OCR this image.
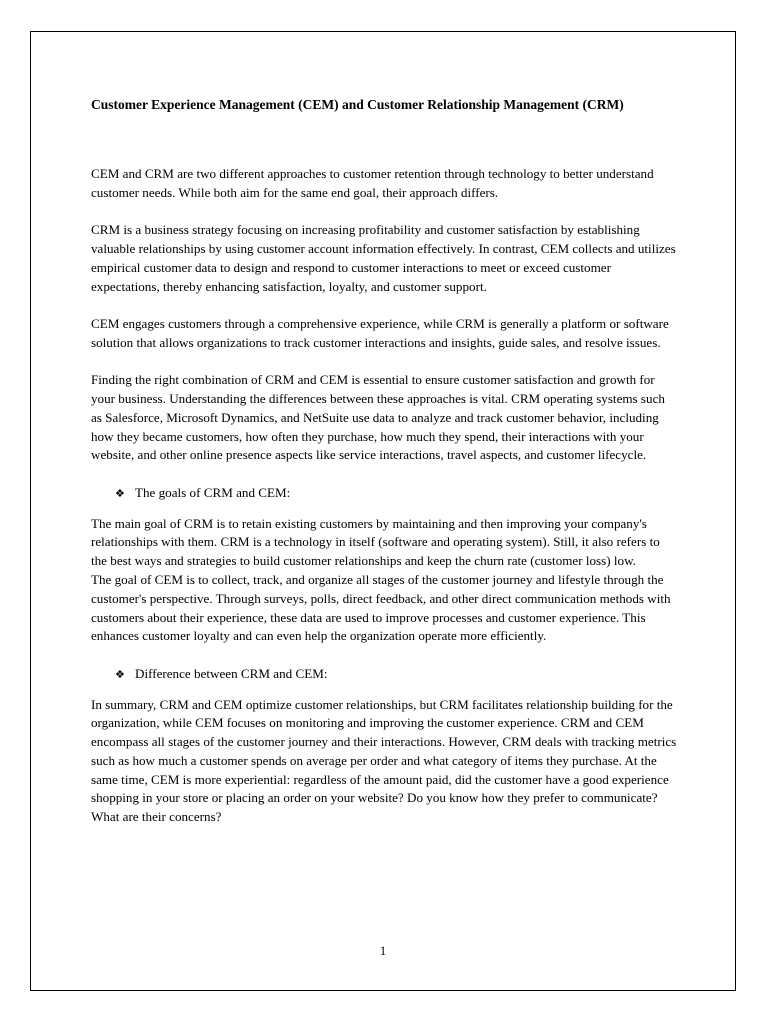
Customer Experience Management (CEM) and Customer Relationship Management (CRM)

CEM and CRM are two different approaches to customer retention through technology to better understand customer needs. While both aim for the same end goal, their approach differs.

CRM is a business strategy focusing on increasing profitability and customer satisfaction by establishing valuable relationships by using customer account information effectively. In contrast, CEM collects and utilizes empirical customer data to design and respond to customer interactions to meet or exceed customer expectations, thereby enhancing satisfaction, loyalty, and customer support.

CEM engages customers through a comprehensive experience, while CRM is generally a platform or software solution that allows organizations to track customer interactions and insights, guide sales, and resolve issues.

Finding the right combination of CRM and CEM is essential to ensure customer satisfaction and growth for your business. Understanding the differences between these approaches is vital. CRM operating systems such as Salesforce, Microsoft Dynamics, and NetSuite use data to analyze and track customer behavior, including how they became customers, how often they purchase, how much they spend, their interactions with your website, and other online presence aspects like service interactions, travel aspects, and customer lifecycle.

❖ The goals of CRM and CEM:

The main goal of CRM is to retain existing customers by maintaining and then improving your company's relationships with them. CRM is a technology in itself (software and operating system). Still, it also refers to the best ways and strategies to build customer relationships and keep the churn rate (customer loss) low.

The goal of CEM is to collect, track, and organize all stages of the customer journey and lifestyle through the customer's perspective. Through surveys, polls, direct feedback, and other direct communication methods with customers about their experience, these data are used to improve processes and customer experience. This enhances customer loyalty and can even help the organization operate more efficiently.

❖ Difference between CRM and CEM:

In summary, CRM and CEM optimize customer relationships, but CRM facilitates relationship building for the organization, while CEM focuses on monitoring and improving the customer experience. CRM and CEM encompass all stages of the customer journey and their interactions. However, CRM deals with tracking metrics such as how much a customer spends on average per order and what category of items they purchase. At the same time, CEM is more experiential: regardless of the amount paid, did the customer have a good experience shopping in your store or placing an order on your website? Do you know how they prefer to communicate? What are their concerns?

1
